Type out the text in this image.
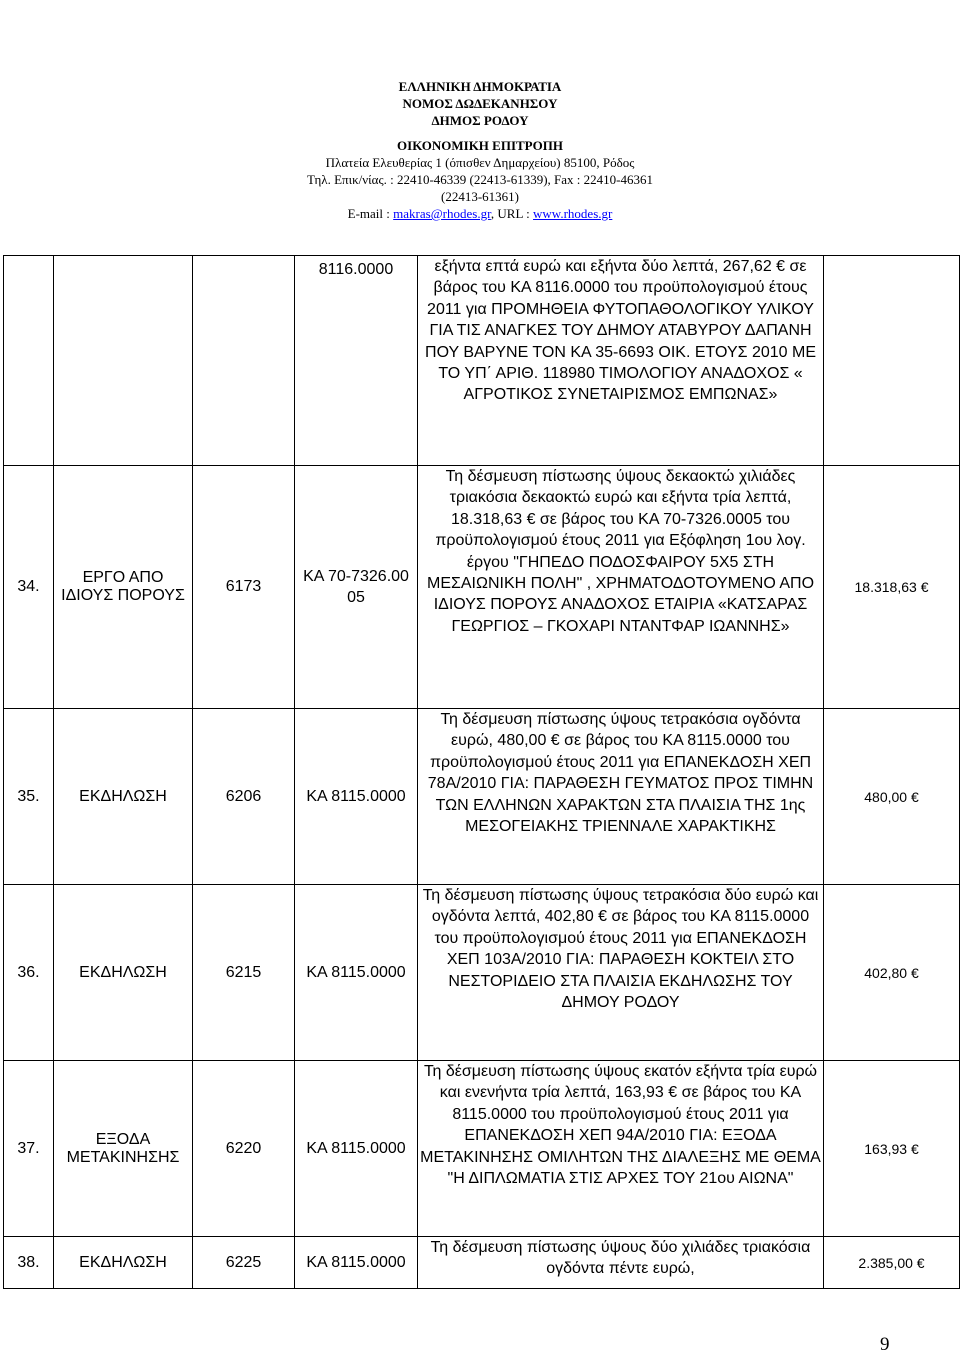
ΕΛΛΗΝΙΚΗ ΔΗΜΟΚΡΑΤΙΑ
ΝΟΜΟΣ ΔΩΔΕΚΑΝΗΣΟΥ
ΔΗΜΟΣ ΡΟΔΟΥ
ΟΙΚΟΝΟΜΙΚΗ ΕΠΙΤΡΟΠΗ
Πλατεία Ελευθερίας 1 (όπισθεν Δημαρχείου) 85100, Ρόδος
Τηλ. Επικ/νίας. : 22410-46339 (22413-61339), Fax : 22410-46361 (22413-61361)
E-mail : makras@rhodes.gr, URL : www.rhodes.gr
			8116.0000	εξήντα επτά ευρώ και εξήντα δύο λεπτά, 267,62 € σε βάρος του ΚΑ 8116.0000 του προϋπολογισμού έτους 2011 για ΠΡΟΜΗΘΕΙΑ ΦΥΤΟΠΑΘΟΛΟΓΙΚΟΥ ΥΛΙΚΟΥ ΓΙΑ ΤΙΣ ΑΝΑΓΚΕΣ ΤΟΥ ΔΗΜΟΥ ΑΤΑΒΥΡΟΥ ΔΑΠΑΝΗ ΠΟΥ ΒΑΡΥΝΕ ΤΟΝ ΚΑ 35-6693 ΟΙΚ. ΕΤΟΥΣ 2010 ΜΕ ΤΟ ΥΠ΄ ΑΡΙΘ. 118980 ΤΙΜΟΛΟΓΙΟΥ ΑΝΑΔΟΧΟΣ « ΑΓΡΟΤΙΚΟΣ ΣΥΝΕΤΑΙΡΙΣΜΟΣ ΕΜΠΩΝΑΣ»	
34.	ΕΡΓΟ ΑΠΟ ΙΔΙΟΥΣ ΠΟΡΟΥΣ	6173	ΚΑ 70-7326.00 05	Τη δέσμευση πίστωσης ύψους δεκαοκτώ χιλιάδες τριακόσια δεκαοκτώ ευρώ και εξήντα τρία λεπτά, 18.318,63 € σε βάρος του ΚΑ 70-7326.0005 του προϋπολογισμού έτους 2011 για Εξόφληση 1ου λογ. έργου "ΓΗΠΕΔΟ ΠΟΔΟΣΦΑΙΡΟΥ 5Χ5 ΣΤΗ ΜΕΣΑΙΩΝΙΚΗ ΠΟΛΗ" , ΧΡΗΜΑΤΟΔΟΤΟΥΜΕΝΟ ΑΠΟ ΙΔΙΟΥΣ ΠΟΡΟΥΣ ΑΝΑΔΟΧΟΣ ΕΤΑΙΡΙΑ «ΚΑΤΣΑΡΑΣ ΓΕΩΡΓΙΟΣ – ΓΚΟΧΑΡΙ ΝΤΑΝΤΦΑΡ ΙΩΑΝΝΗΣ»	18.318,63 €
35.	ΕΚΔΗΛΩΣΗ	6206	ΚΑ 8115.0000	Τη δέσμευση πίστωσης ύψους τετρακόσια ογδόντα ευρώ, 480,00 € σε βάρος του ΚΑ 8115.0000 του προϋπολογισμού έτους 2011 για ΕΠΑΝΕΚΔΟΣΗ ΧΕΠ 78Α/2010 ΓΙΑ: ΠΑΡΑΘΕΣΗ ΓΕΥΜΑΤΟΣ ΠΡΟΣ ΤΙΜΗΝ ΤΩΝ ΕΛΛΗΝΩΝ ΧΑΡΑΚΤΩΝ ΣΤΑ ΠΛΑΙΣΙΑ ΤΗΣ 1ης ΜΕΣΟΓΕΙΑΚΗΣ ΤΡΙΕΝΝΑΛΕ ΧΑΡΑΚΤΙΚΗΣ	480,00 €
36.	ΕΚΔΗΛΩΣΗ	6215	ΚΑ 8115.0000	Τη δέσμευση πίστωσης ύψους τετρακόσια δύο ευρώ και ογδόντα λεπτά, 402,80 € σε βάρος του ΚΑ 8115.0000 του προϋπολογισμού έτους 2011 για ΕΠΑΝΕΚΔΟΣΗ ΧΕΠ 103Α/2010 ΓΙΑ: ΠΑΡΑΘΕΣΗ ΚΟΚΤΕΙΛ ΣΤΟ ΝΕΣΤΟΡΙΔΕΙΟ ΣΤΑ ΠΛΑΙΣΙΑ ΕΚΔΗΛΩΣΗΣ ΤΟΥ ΔΗΜΟΥ ΡΟΔΟΥ	402,80 €
37.	ΕΞΟΔΑ ΜΕΤΑΚΙΝΗΣΗΣ	6220	ΚΑ 8115.0000	Τη δέσμευση πίστωσης ύψους εκατόν εξήντα τρία ευρώ και ενενήντα τρία λεπτά, 163,93 € σε βάρος του ΚΑ 8115.0000 του προϋπολογισμού έτους 2011 για ΕΠΑΝΕΚΔΟΣΗ ΧΕΠ 94Α/2010 ΓΙΑ: ΕΞΟΔΑ ΜΕΤΑΚΙΝΗΣΗΣ ΟΜΙΛΗΤΩΝ ΤΗΣ ΔΙΑΛΕΞΗΣ ΜΕ ΘΕΜΑ "Η ΔΙΠΛΩΜΑΤΙΑ ΣΤΙΣ ΑΡΧΕΣ ΤΟΥ 21ου ΑΙΩΝΑ"	163,93 €
38.	ΕΚΔΗΛΩΣΗ	6225	ΚΑ 8115.0000	Τη δέσμευση πίστωσης ύψους δύο χιλιάδες τριακόσια ογδόντα πέντε ευρώ,	2.385,00 €
9
